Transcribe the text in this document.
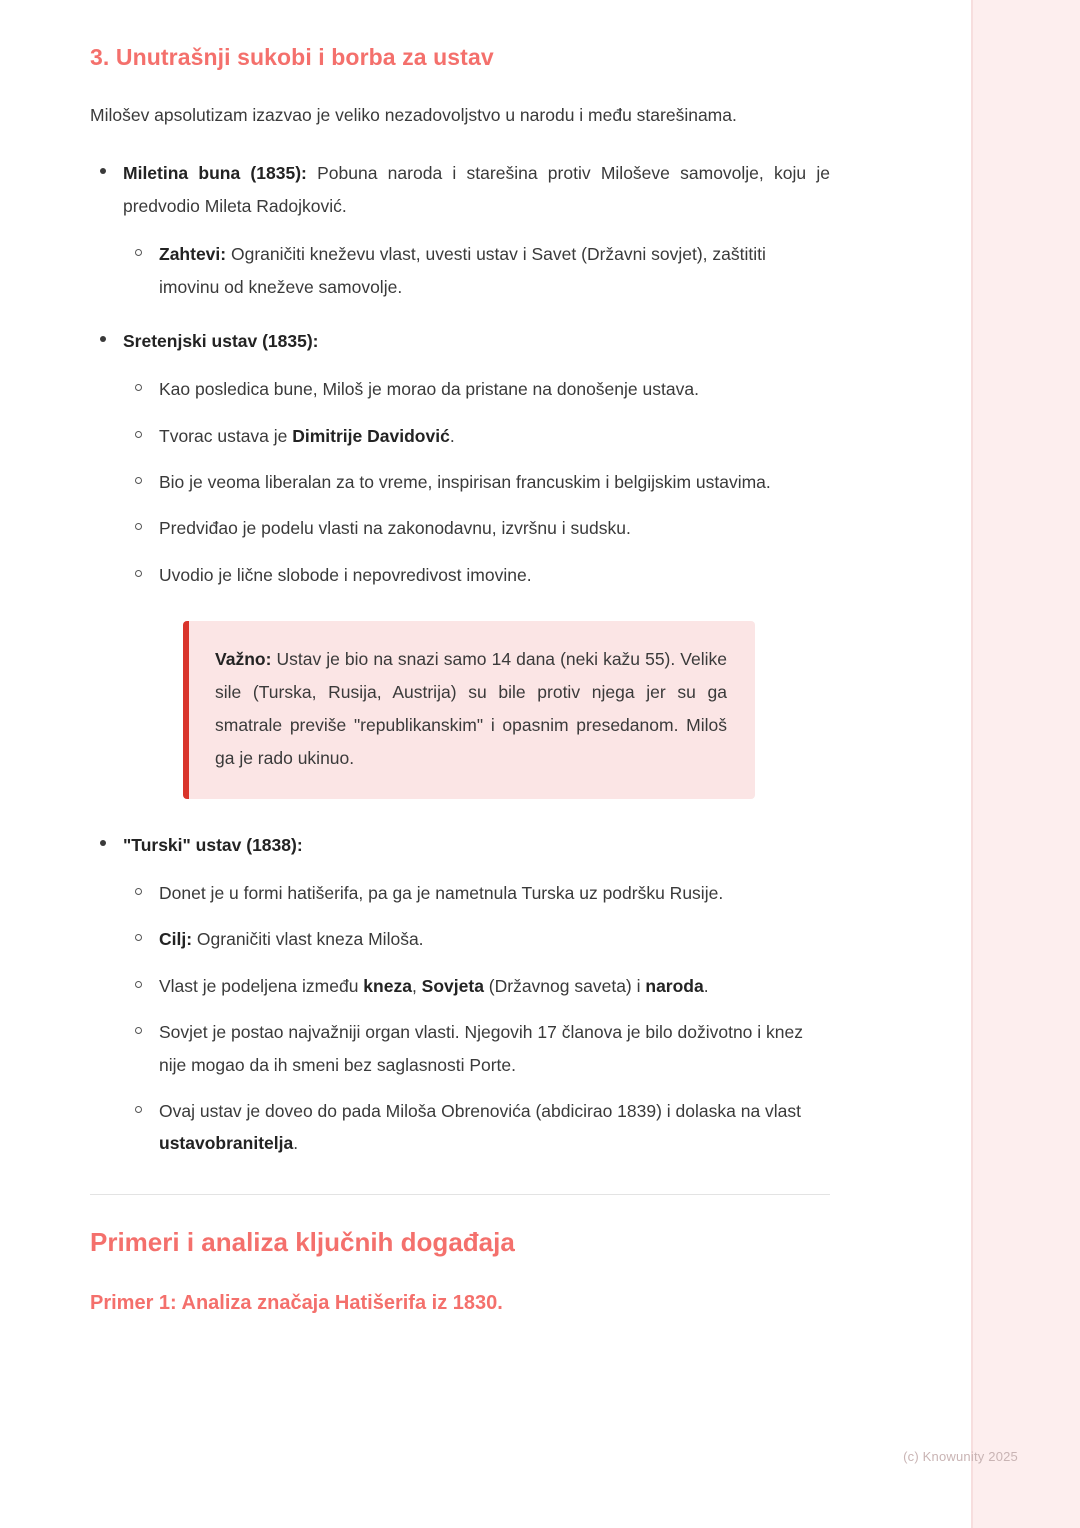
3. Unutrašnji sukobi i borba za ustav

Milošev apsolutizam izazvao je veliko nezadovoljstvo u narodu i među starešinama.

Miletina buna (1835): Pobuna naroda i starešina protiv Miloševe samovolje, koju je predvodio Mileta Radojković.
Zahtevi: Ograničiti kneževu vlast, uvesti ustav i Savet (Državni sovjet), zaštititi imovinu od kneževe samovolje.
Sretenjski ustav (1835):
Kao posledica bune, Miloš je morao da pristane na donošenje ustava.
Tvorac ustava je Dimitrije Davidović.
Bio je veoma liberalan za to vreme, inspirisan francuskim i belgijskim ustavima.
Predviđao je podelu vlasti na zakonodavnu, izvršnu i sudsku.
Uvodio je lične slobode i nepovredivost imovine.

Važno: Ustav je bio na snazi samo 14 dana (neki kažu 55). Velike sile (Turska, Rusija, Austrija) su bile protiv njega jer su ga smatrale previše "republikanskim" i opasnim presedanom. Miloš ga je rado ukinuo.

"Turski" ustav (1838):
Donet je u formi hatišerifa, pa ga je nametnula Turska uz podršku Rusije.
Cilj: Ograničiti vlast kneza Miloša.
Vlast je podeljena između kneza, Sovjeta (Državnog saveta) i naroda.
Sovjet je postao najvažniji organ vlasti. Njegovih 17 članova je bilo doživotno i knez nije mogao da ih smeni bez saglasnosti Porte.
Ovaj ustav je doveo do pada Miloša Obrenovića (abdicirao 1839) i dolaska na vlast ustavobranitelja.
Primeri i analiza ključnih događaja
Primer 1: Analiza značaja Hatišerifa iz 1830.
(c) Knowunity 2025
